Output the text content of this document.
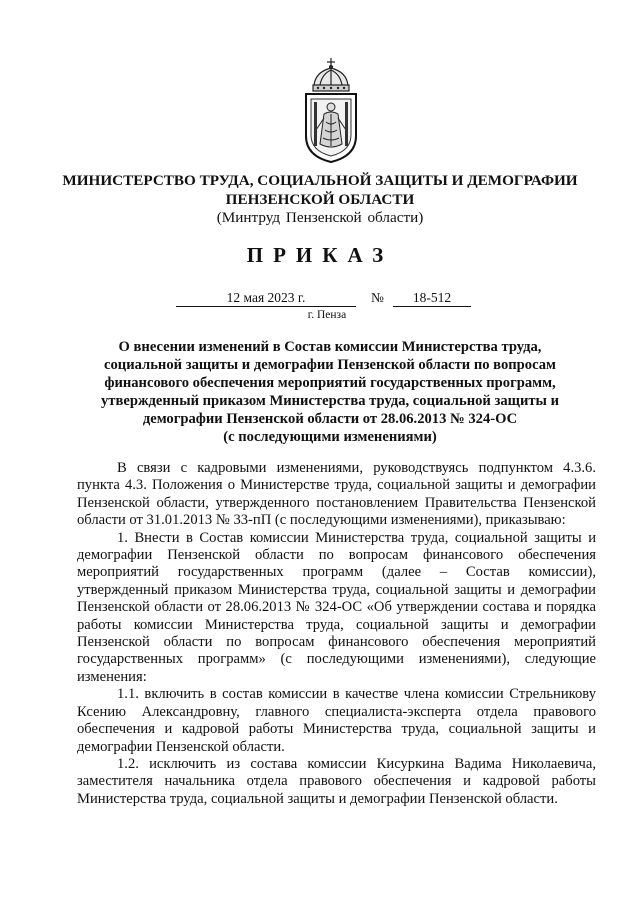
МИНИСТЕРСТВО ТРУДА, СОЦИАЛЬНОЙ ЗАЩИТЫ И ДЕМОГРАФИИ
ПЕНЗЕНСКОЙ ОБЛАСТИ
(Минтруд Пензенской области)
ПРИКАЗ
12 мая 2023 г.	№	18-512
г. Пенза
О внесении изменений в Состав комиссии Министерства труда,
социальной защиты и демографии Пензенской области по вопросам
финансового обеспечения мероприятий государственных программ,
утвержденный приказом Министерства труда, социальной защиты и
демографии Пензенской области от 28.06.2013 № 324-ОС
(с последующими изменениями)

В связи с кадровыми изменениями, руководствуясь подпунктом 4.3.6. пункта 4.3. Положения о Министерстве труда, социальной защиты и демографии Пензенской области, утвержденного постановлением Правительства Пензенской области от 31.01.2013 № 33-пП (с последующими изменениями), приказываю:

1. Внести в Состав комиссии Министерства труда, социальной защиты и демографии Пензенской области по вопросам финансового обеспечения мероприятий государственных программ (далее – Состав комиссии), утвержденный приказом Министерства труда, социальной защиты и демографии Пензенской области от 28.06.2013 № 324-ОС «Об утверждении состава и порядка работы комиссии Министерства труда, социальной защиты и демографии Пензенской области по вопросам финансового обеспечения мероприятий государственных программ» (с последующими изменениями), следующие изменения:

1.1. включить в состав комиссии в качестве члена комиссии Стрельникову Ксению Александровну, главного специалиста-эксперта отдела правового обеспечения и кадровой работы Министерства труда, социальной защиты и демографии Пензенской области.

1.2. исключить из состава комиссии Кисуркина Вадима Николаевича, заместителя начальника отдела правового обеспечения и кадровой работы Министерства труда, социальной защиты и демографии Пензенской области.
